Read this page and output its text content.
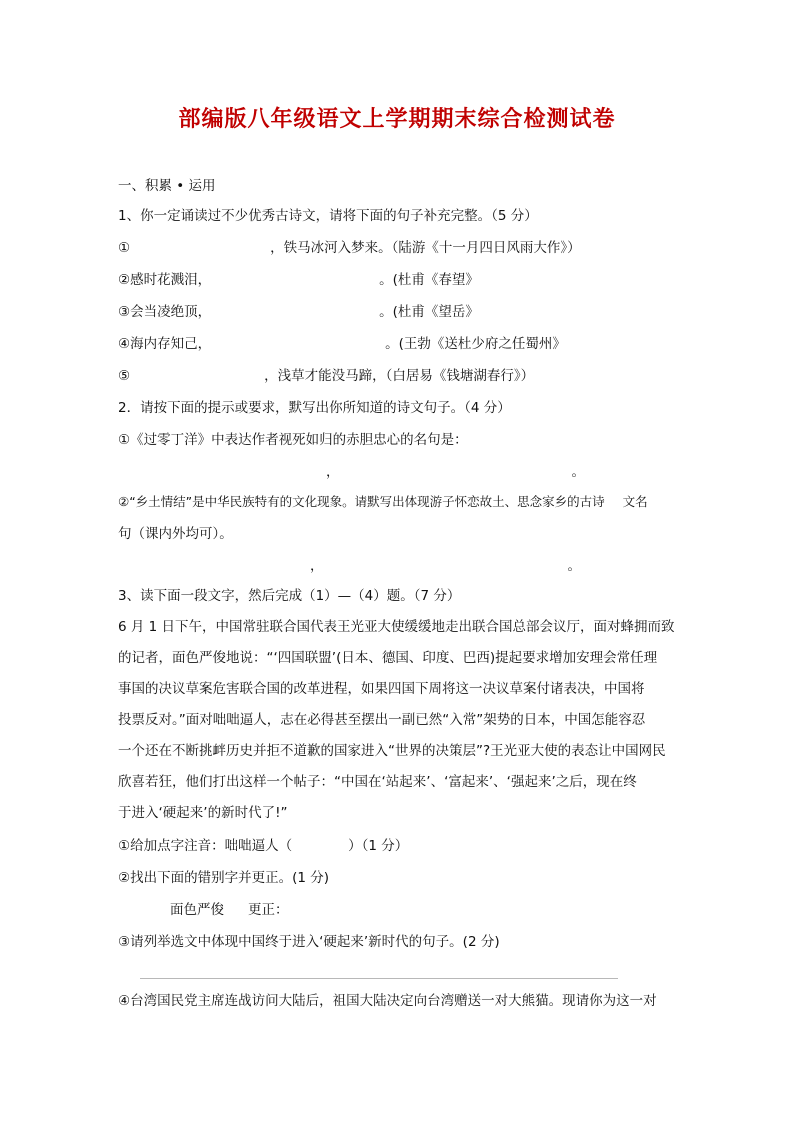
部编版八年级语文上学期期末综合检测试卷
一、积累 • 运用
1、你一定诵读过不少优秀古诗文，请将下面的句子补充完整。（5 分）
①	，铁马冰河入梦来。（陆游《十一月四日风雨大作》）
②感时花溅泪，	。(杜甫《春望》
③会当凌绝顶，	。(杜甫《望岳》
④海内存知己，	。(王勃《送杜少府之任蜀州》
⑤	，浅草才能没马蹄，（白居易《钱塘湖春行》）
2．请按下面的提示或要求，默写出你所知道的诗文句子。（4 分）
①《过零丁洋》中表达作者视死如归的赤胆忠心的名句是：
，	。
②“乡土情结”是中华民族特有的文化现象。请默写出体现游子怀恋故土、思念家乡的古诗 文名
句（课内外均可）。
，	。
3、读下面一段文字，然后完成（1）—（4）题。（7 分）
6 月 1 日下午，中国常驻联合国代表王光亚大使缓缓地走出联合国总部会议厅，面对蜂拥而致
的记者，面色严俊地说：“‘四国联盟’(日本、德国、印度、巴西)提起要求增加安理会常任理
事国的决议草案危害联合国的改革进程，如果四国下周将这一决议草案付诸表决，中国将
投票反对。”面对咄咄逼人，志在必得甚至摆出一副已然“入常”架势的日本，中国怎能容忍
一个还在不断挑衅历史并拒不道歉的国家进入“世界的决策层”?王光亚大使的表态让中国网民
欣喜若狂，他们打出这样一个帖子：“中国在‘站起来’、‘富起来’、‘强起来’之后，现在终
于进入‘硬起来’的新时代了!”
①给加点字注音：咄咄逼人（	）（1 分）
②找出下面的错别字并更正。(1 分)
面色严俊 更正：
③请列举选文中体现中国终于进入‘硬起来’新时代的句子。(2 分)
④台湾国民党主席连战访问大陆后，祖国大陆决定向台湾赠送一对大熊猫。现请你为这一对
